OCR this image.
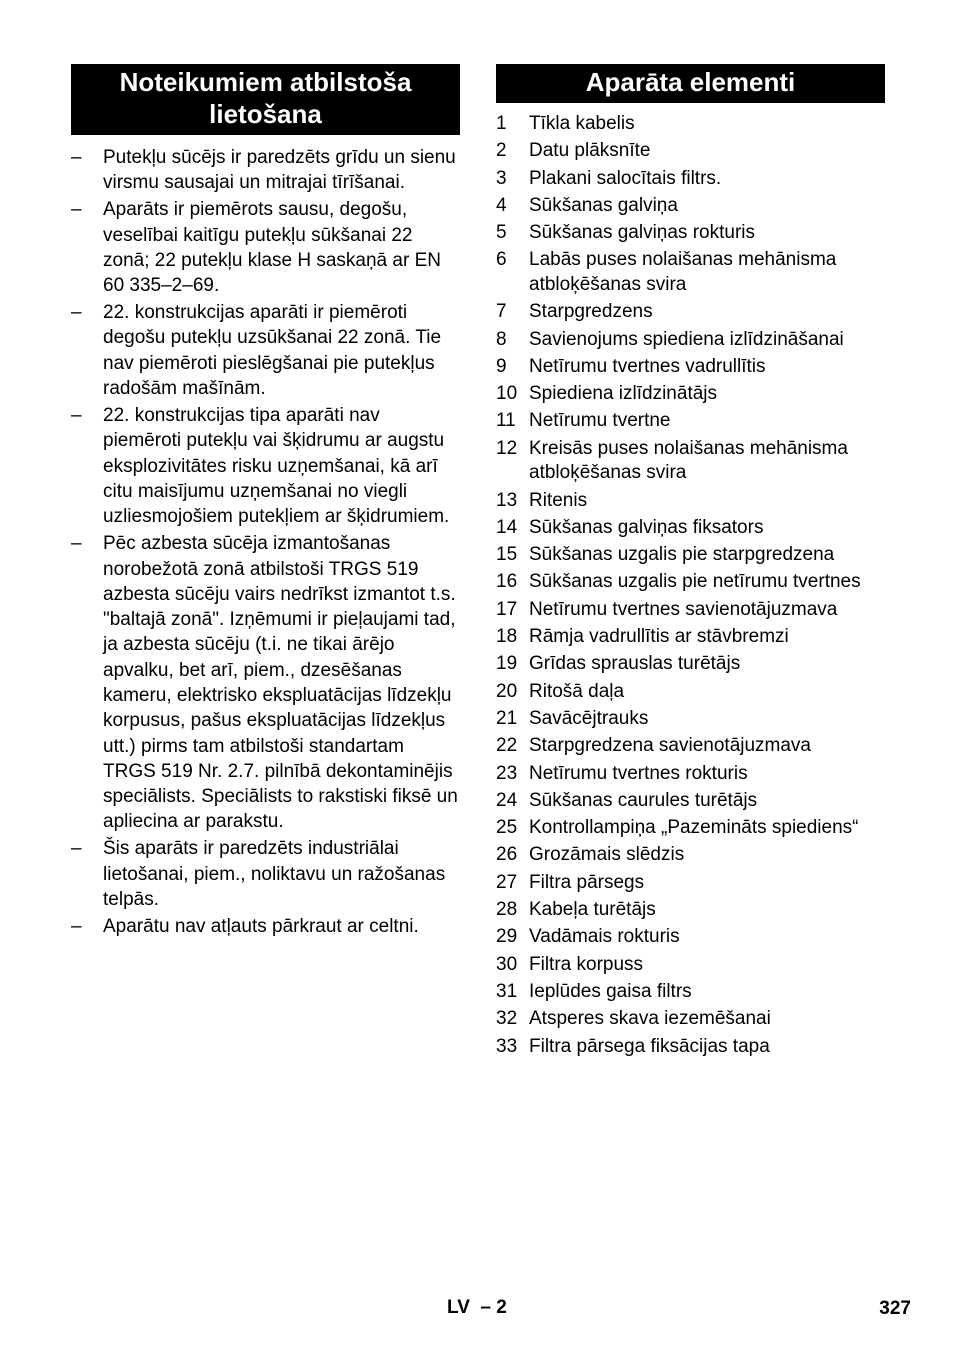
Noteikumiem atbilstoša lietošana
– Putekļu sūcējs ir paredzēts grīdu un sienu virsmu sausajai un mitrajai tīrīšanai.
– Aparāts ir piemērots sausu, degošu, veselībai kaitīgu putekļu sūkšanai 22 zonā; 22 putekļu klase H saskaņā ar EN 60 335–2–69.
– 22. konstrukcijas aparāti ir piemēroti degošu putekļu uzsūkšanai 22 zonā. Tie nav piemēroti pieslēgšanai pie putekļus radošām mašīnām.
– 22. konstrukcijas tipa aparāti nav piemēroti putekļu vai šķidrumu ar augstu eksplozivitātes risku uzņemšanai, kā arī citu maisījumu uzņemšanai no viegli uzliesmojošiem putekļiem ar šķidrumiem.
– Pēc azbesta sūcēja izmantošanas norobežotā zonā atbilstoši TRGS 519 azbesta sūcēju vairs nedrīkst izmantot t.s. "baltajā zonā". Izņēmumi ir pieļaujami tad, ja azbesta sūcēju (t.i. ne tikai ārējo apvalku, bet arī, piem., dzesēšanas kameru, elektrisko ekspluatācijas līdzekļu korpusus, pašus ekspluatācijas līdzekļus utt.) pirms tam atbilstoši standartam TRGS 519 Nr. 2.7. pilnībā dekontaminējis speciālists. Speciālists to rakstiski fiksē un apliecina ar parakstu.
– Šis aparāts ir paredzēts industriālai lietošanai, piem., noliktavu un ražošanas telpās.
– Aparātu nav atļauts pārkraut ar celtni.
Aparāta elementi
1 Tīkla kabelis
2 Datu plāksnīte
3 Plakani salocītais filtrs.
4 Sūkšanas galviņa
5 Sūkšanas galviņas rokturis
6 Labās puses nolaišanas mehānisma atbloķēšanas svira
7 Starpgredzens
8 Savienojums spiediena izlīdzināšanai
9 Netīrumu tvertnes vadrullītis
10 Spiediena izlīdzinātājs
11 Netīrumu tvertne
12 Kreisās puses nolaišanas mehānisma atbloķēšanas svira
13 Ritenis
14 Sūkšanas galviņas fiksators
15 Sūkšanas uzgalis pie starpgredzena
16 Sūkšanas uzgalis pie netīrumu tvertnes
17 Netīrumu tvertnes savienotājuzmava
18 Rāmja vadrullītis ar stāvbremzi
19 Grīdas sprauslas turētājs
20 Ritošā daļa
21 Savācējtrauks
22 Starpgredzena savienotājuzmava
23 Netīrumu tvertnes rokturis
24 Sūkšanas caurules turētājs
25 Kontrollampiņa „Pazemināts spiediens“
26 Grozāmais slēdzis
27 Filtra pārsegs
28 Kabeļa turētājs
29 Vadāmais rokturis
30 Filtra korpuss
31 Ieplūdes gaisa filtrs
32 Atsperes skava iezemēšanai
33 Filtra pārsega fiksācijas tapa
LV  – 2	327
